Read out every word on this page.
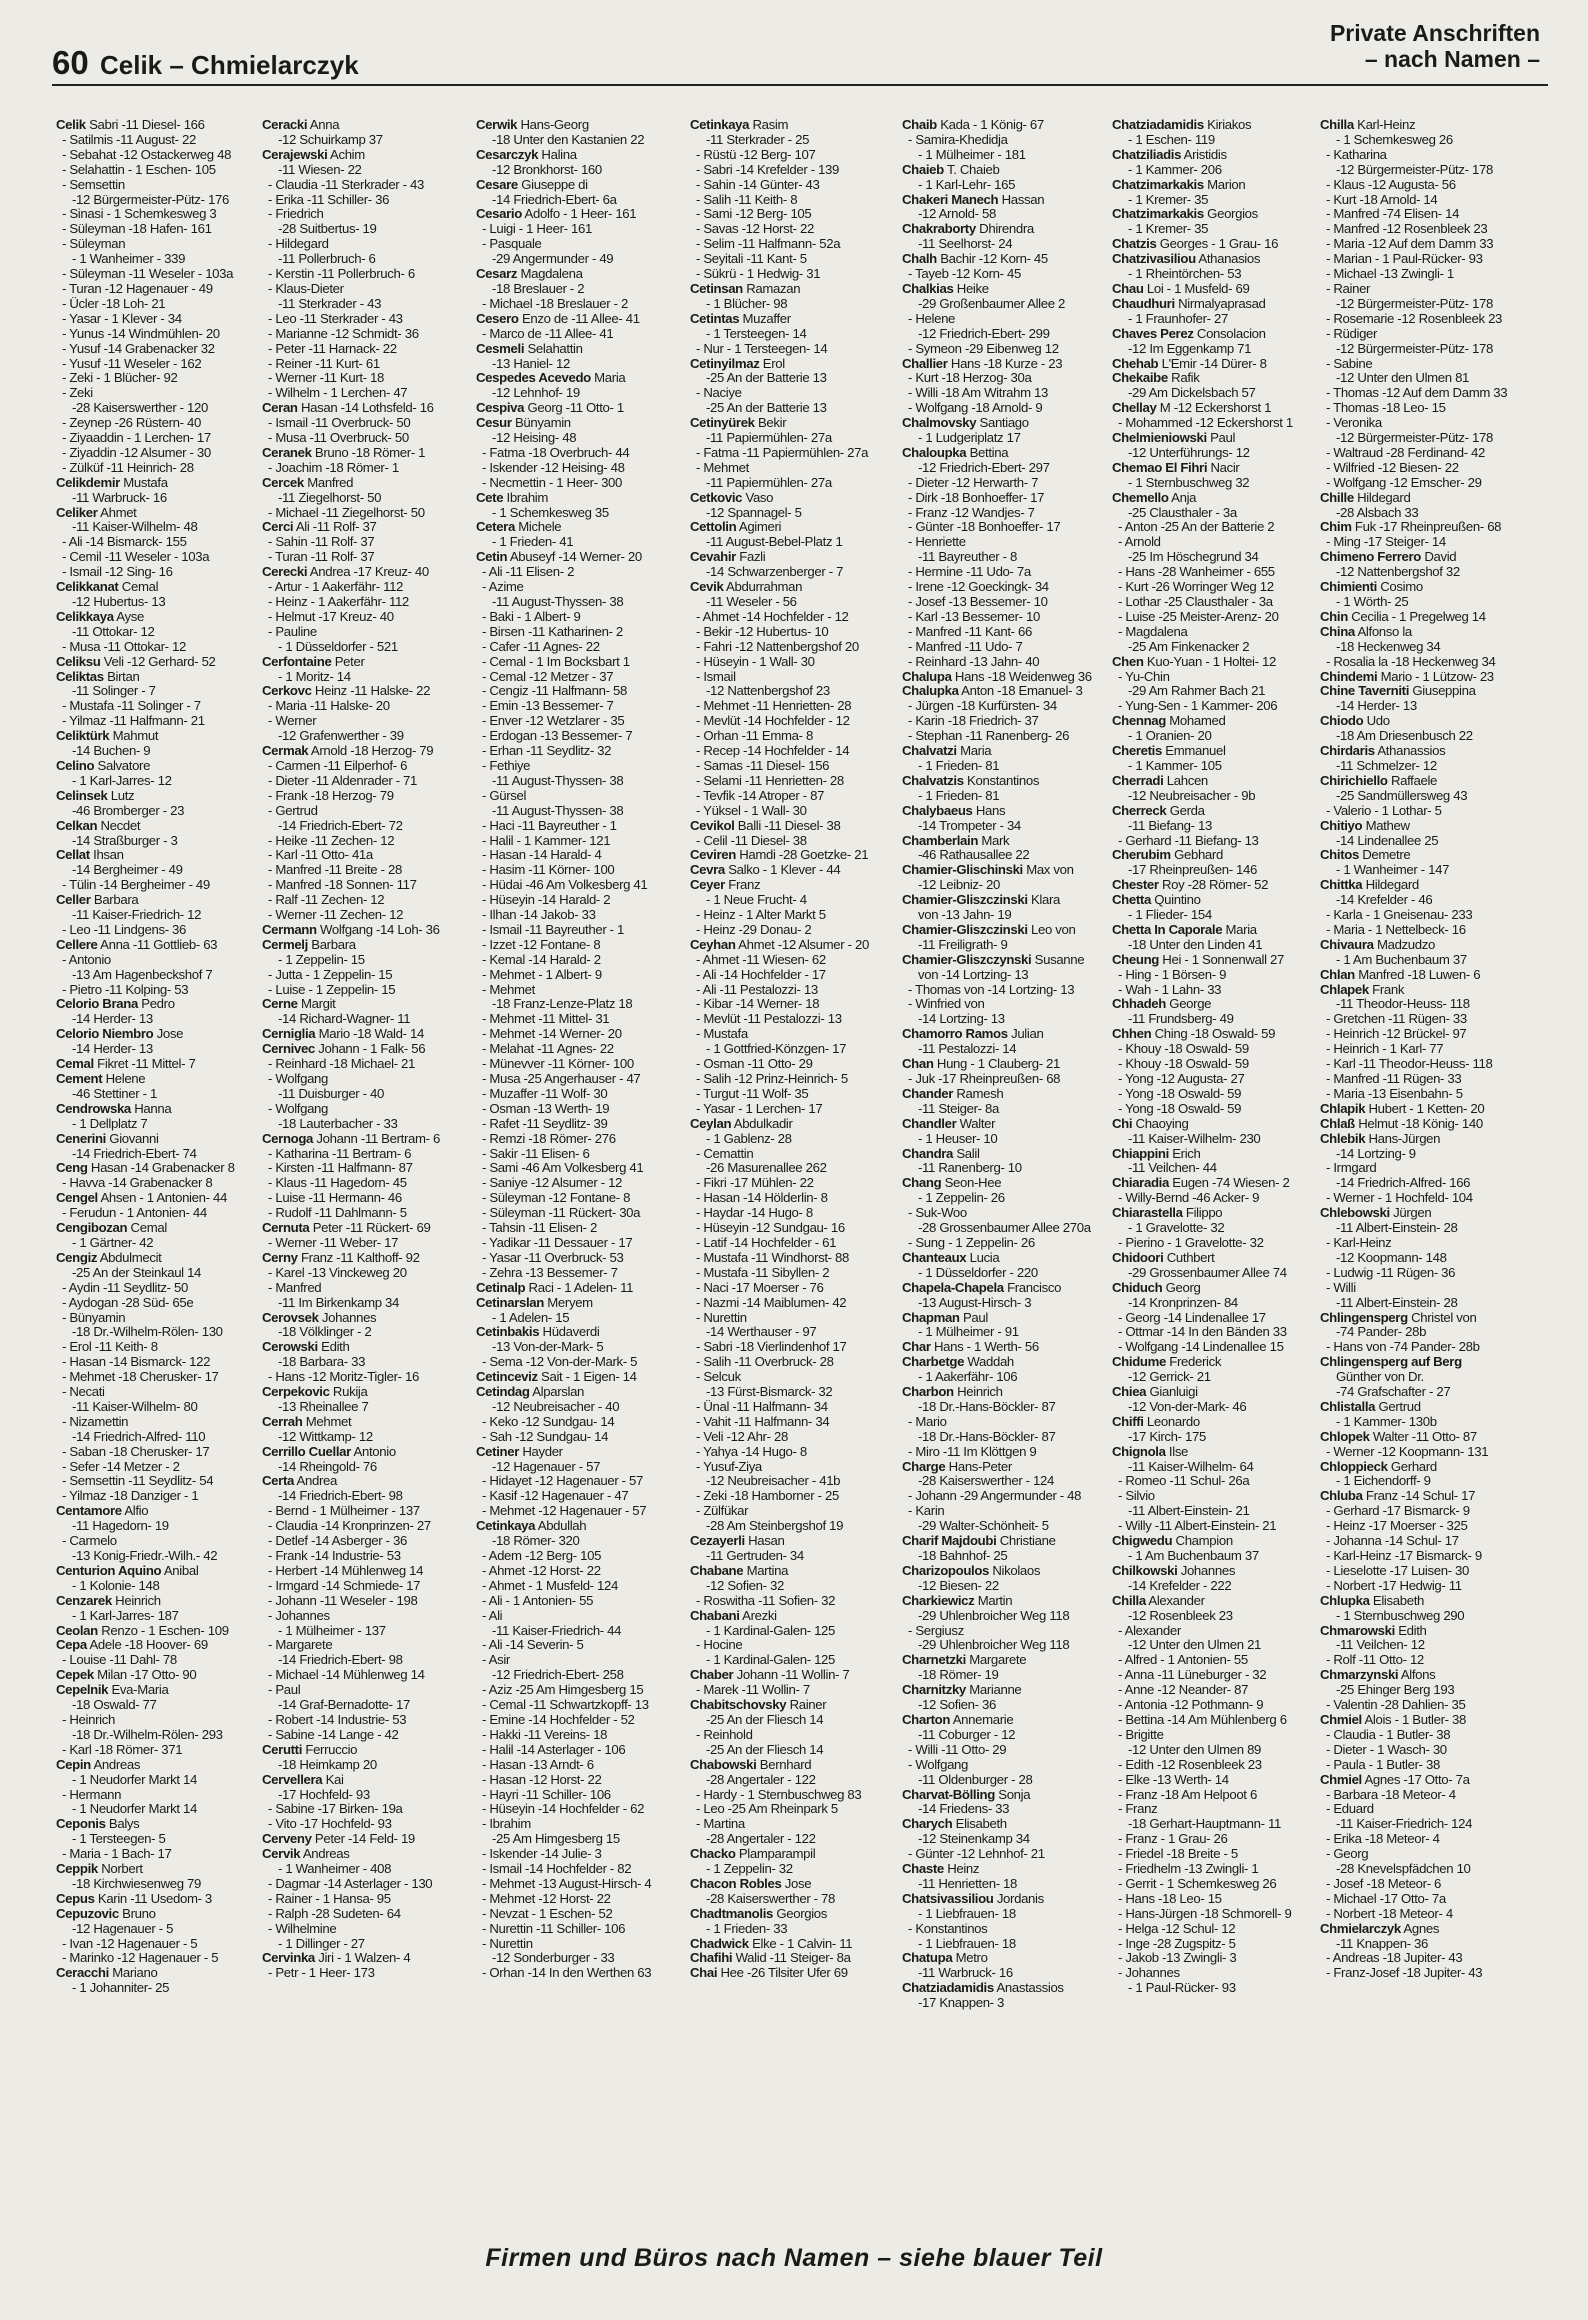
60 Celik – Chmielarczyk
Private Anschriften
– nach Namen –
Celik Sabri -11 Diesel- 166
- Satilmis -11 August- 22
- Sebahat -12 Ostackerweg 48
- Selahattin - 1 Eschen- 105
- Semsettin
-12 Bürgermeister-Pütz- 176
- Sinasi - 1 Schemkesweg 3
- Süleyman -18 Hafen- 161
- Süleyman
- 1 Wanheimer - 339
- Süleyman -11 Weseler - 103a
- Turan -12 Hagenauer - 49
- Ücler -18 Loh- 21
- Yasar - 1 Klever - 34
- Yunus -14 Windmühlen- 20
- Yusuf -14 Grabenacker 32
- Yusuf -11 Weseler - 162
- Zeki - 1 Blücher- 92
- Zeki
-28 Kaiserswerther - 120
- Zeynep -26 Rüstern- 40
- Ziyaaddin - 1 Lerchen- 17
- Ziyaddin -12 Alsumer - 30
- Zülküf -11 Heinrich- 28
Celikdemir Mustafa
-11 Warbruck- 16
Celiker Ahmet
-11 Kaiser-Wilhelm- 48
- Ali -14 Bismarck- 155
- Cemil -11 Weseler - 103a
- Ismail -12 Sing- 16
Celikkanat Cemal
-12 Hubertus- 13
Celikkaya Ayse
-11 Ottokar- 12
- Musa -11 Ottokar- 12
Celiksu Veli -12 Gerhard- 52
Celiktas Birtan
-11 Solinger - 7
- Mustafa -11 Solinger - 7
- Yilmaz -11 Halfmann- 21
Celiktürk Mahmut
-14 Buchen- 9
Celino Salvatore
- 1 Karl-Jarres- 12
Celinsek Lutz
-46 Bromberger - 23
Celkan Necdet
-14 Straßburger - 3
Cellat Ihsan
-14 Bergheimer - 49
- Tülin -14 Bergheimer - 49
Celler Barbara
-11 Kaiser-Friedrich- 12
- Leo -11 Lindgens- 36
Cellere Anna -11 Gottlieb- 63
- Antonio
-13 Am Hagenbeckshof 7
- Pietro -11 Kolping- 53
Celorio Brana Pedro
-14 Herder- 13
Celorio Niembro Jose
-14 Herder- 13
Cemal Fikret -11 Mittel- 7
Cement Helene
-46 Stettiner - 1
Cendrowska Hanna
- 1 Dellplatz 7
Cenerini Giovanni
-14 Friedrich-Ebert- 74
Ceng Hasan -14 Grabenacker 8
- Havva -14 Grabenacker 8
Cengel Ahsen - 1 Antonien- 44
- Ferudun - 1 Antonien- 44
Cengibozan Cemal
- 1 Gärtner- 42
Cengiz Abdulmecit
-25 An der Steinkaul 14
- Aydin -11 Seydlitz- 50
- Aydogan -28 Süd- 65e
- Bünyamin
-18 Dr.-Wilhelm-Rölen- 130
- Erol -11 Keith- 8
- Hasan -14 Bismarck- 122
- Mehmet -18 Cherusker- 17
- Necati
-11 Kaiser-Wilhelm- 80
- Nizamettin
-14 Friedrich-Alfred- 110
- Saban -18 Cherusker- 17
- Sefer -14 Metzer - 2
- Semsettin -11 Seydlitz- 54
- Yilmaz -18 Danziger - 1
Centamore Alfio
-11 Hagedorn- 19
- Carmelo
-13 Konig-Friedr.-Wilh.- 42
Centurion Aquino Anibal
- 1 Kolonie- 148
Cenzarek Heinrich
- 1 Karl-Jarres- 187
Ceolan Renzo - 1 Eschen- 109
Cepa Adele -18 Hoover- 69
- Louise -11 Dahl- 78
Cepek Milan -17 Otto- 90
Cepelnik Eva-Maria
-18 Oswald- 77
- Heinrich
-18 Dr.-Wilhelm-Rölen- 293
- Karl -18 Römer- 371
Cepin Andreas
- 1 Neudorfer Markt 14
- Hermann
- 1 Neudorfer Markt 14
Ceponis Balys
- 1 Tersteegen- 5
- Maria - 1 Bach- 17
Ceppik Norbert
-18 Kirchwiesenweg 79
Cepus Karin -11 Usedom- 3
Cepuzovic Bruno
-12 Hagenauer - 5
- Ivan -12 Hagenauer - 5
- Marinko -12 Hagenauer - 5
Ceracchi Mariano
- 1 Johanniter- 25
Ceracki Anna
-12 Schuirkamp 37
Cerajewski Achim
-11 Wiesen- 22
- Claudia -11 Sterkrader - 43
- Erika -11 Schiller- 36
- Friedrich
-28 Suitbertus- 19
- Hildegard
-11 Pollerbruch- 6
- Kerstin -11 Pollerbruch- 6
- Klaus-Dieter
-11 Sterkrader - 43
- Leo -11 Sterkrader - 43
- Marianne -12 Schmidt- 36
- Peter -11 Harnack- 22
- Reiner -11 Kurt- 61
- Werner -11 Kurt- 18
- Wilhelm - 1 Lerchen- 47
Ceran Hasan -14 Lothsfeld- 16
- Ismail -11 Overbruck- 50
- Musa -11 Overbruck- 50
Ceranek Bruno -18 Römer- 1
- Joachim -18 Römer- 1
Cercek Manfred
-11 Ziegelhorst- 50
- Michael -11 Ziegelhorst- 50
Cerci Ali -11 Rolf- 37
- Sahin -11 Rolf- 37
- Turan -11 Rolf- 37
Cerecki Andrea -17 Kreuz- 40
- Artur - 1 Aakerfähr- 112
- Heinz - 1 Aakerfähr- 112
- Helmut -17 Kreuz- 40
- Pauline
- 1 Düsseldorfer - 521
Cerfontaine Peter
- 1 Moritz- 14
Cerkovc Heinz -11 Halske- 22
- Maria -11 Halske- 20
- Werner
-12 Grafenwerther - 39
Cermak Arnold -18 Herzog- 79
- Carmen -11 Eilperhof- 6
- Dieter -11 Aldenrader - 71
- Frank -18 Herzog- 79
- Gertrud
-14 Friedrich-Ebert- 72
- Heike -11 Zechen- 12
- Karl -11 Otto- 41a
- Manfred -11 Breite - 28
- Manfred -18 Sonnen- 117
- Ralf -11 Zechen- 12
- Werner -11 Zechen- 12
Cermann Wolfgang -14 Loh- 36
Cermelj Barbara
- 1 Zeppelin- 15
- Jutta - 1 Zeppelin- 15
- Luise - 1 Zeppelin- 15
Cerne Margit
-14 Richard-Wagner- 11
Cerniglia Mario -18 Wald- 14
Cernivec Johann - 1 Falk- 56
- Reinhard -18 Michael- 21
- Wolfgang
-11 Duisburger - 40
- Wolfgang
-18 Lauterbacher - 33
Cernoga Johann -11 Bertram- 6
- Katharina -11 Bertram- 6
- Kirsten -11 Halfmann- 87
- Klaus -11 Hagedorn- 45
- Luise -11 Hermann- 46
- Rudolf -11 Dahlmann- 5
Cernuta Peter -11 Rückert- 69
- Werner -11 Weber- 17
Cerny Franz -11 Kalthoff- 92
- Karel -13 Vinckeweg 20
- Manfred
-11 Im Birkenkamp 34
Cerovsek Johannes
-18 Völklinger - 2
Cerowski Edith
-18 Barbara- 33
- Hans -12 Moritz-Tigler- 16
Cerpekovic Rukija
-13 Rheinallee 7
Cerrah Mehmet
-12 Wittkamp- 12
Cerrillo Cuellar Antonio
-14 Rheingold- 76
Certa Andrea
-14 Friedrich-Ebert- 98
- Bernd - 1 Mülheimer - 137
- Claudia -14 Kronprinzen- 27
- Detlef -14 Asberger - 36
- Frank -14 Industrie- 53
- Herbert -14 Mühlenweg 14
- Irmgard -14 Schmiede- 17
- Johann -11 Weseler - 198
- Johannes
- 1 Mülheimer - 137
- Margarete
-14 Friedrich-Ebert- 98
- Michael -14 Mühlenweg 14
- Paul
-14 Graf-Bernadotte- 17
- Robert -14 Industrie- 53
- Sabine -14 Lange - 42
Cerutti Ferruccio
-18 Heimkamp 20
Cervellera Kai
-17 Hochfeld- 93
- Sabine -17 Birken- 19a
- Vito -17 Hochfeld- 93
Cerveny Peter -14 Feld- 19
Cervik Andreas
- 1 Wanheimer - 408
- Dagmar -14 Asterlager - 130
- Rainer - 1 Hansa- 95
- Ralph -28 Sudeten- 64
- Wilhelmine
- 1 Dillinger - 27
Cervinka Jiri - 1 Walzen- 4
- Petr - 1 Heer- 173
Cerwik Hans-Georg
-18 Unter den Kastanien 22
Cesarczyk Halina
-12 Bronkhorst- 160
Cesare Giuseppe di
-14 Friedrich-Ebert- 6a
Cesario Adolfo - 1 Heer- 161
- Luigi - 1 Heer- 161
- Pasquale
-29 Angermunder - 49
Cesarz Magdalena
-18 Breslauer - 2
- Michael -18 Breslauer - 2
Cesero Enzo de -11 Allee- 41
- Marco de -11 Allee- 41
Cesmeli Selahattin
-13 Haniel- 12
Cespedes Acevedo Maria
-12 Lehnhof- 19
Cespiva Georg -11 Otto- 1
Cesur Bünyamin
-12 Heising- 48
- Fatma -18 Overbruch- 44
- Iskender -12 Heising- 48
- Necmettin - 1 Heer- 300
Cete Ibrahim
- 1 Schemkesweg 35
Cetera Michele
- 1 Frieden- 41
Cetin Abuseyf -14 Werner- 20
- Ali -11 Elisen- 2
- Azime
-11 August-Thyssen- 38
- Baki - 1 Albert- 9
- Birsen -11 Katharinen- 2
- Cafer -11 Agnes- 22
- Cemal - 1 Im Bocksbart 1
- Cemal -12 Metzer - 37
- Cengiz -11 Halfmann- 58
- Emin -13 Bessemer- 7
- Enver -12 Wetzlarer - 35
- Erdogan -13 Bessemer- 7
- Erhan -11 Seydlitz- 32
- Fethiye
-11 August-Thyssen- 38
- Gürsel
-11 August-Thyssen- 38
- Haci -11 Bayreuther - 1
- Halil - 1 Kammer- 121
- Hasan -14 Harald- 4
- Hasim -11 Körner- 100
- Hüdai -46 Am Volkesberg 41
- Hüseyin -14 Harald- 2
- Ilhan -14 Jakob- 33
- Ismail -11 Bayreuther - 1
- Izzet -12 Fontane- 8
- Kemal -14 Harald- 2
- Mehmet - 1 Albert- 9
- Mehmet
-18 Franz-Lenze-Platz 18
- Mehmet -11 Mittel- 31
- Mehmet -14 Werner- 20
- Melahat -11 Agnes- 22
- Münevver -11 Körner- 100
- Musa -25 Angerhauser - 47
- Muzaffer -11 Wolf- 30
- Osman -13 Werth- 19
- Rafet -11 Seydlitz- 39
- Remzi -18 Römer- 276
- Sakir -11 Elisen- 6
- Sami -46 Am Volkesberg 41
- Saniye -12 Alsumer - 12
- Süleyman -12 Fontane- 8
- Süleyman -11 Rückert- 30a
- Tahsin -11 Elisen- 2
- Yadikar -11 Dessauer - 17
- Yasar -11 Overbruck- 53
- Zehra -13 Bessemer- 7
Cetinalp Raci - 1 Adelen- 11
Cetinarslan Meryem
- 1 Adelen- 15
Cetinbakis Hüdaverdi
-13 Von-der-Mark- 5
- Sema -12 Von-der-Mark- 5
Cetinceviz Sait - 1 Eigen- 14
Cetindag Alparslan
-12 Neubreisacher - 40
- Keko -12 Sundgau- 14
- Sah -12 Sundgau- 14
Cetiner Hayder
-12 Hagenauer - 57
- Hidayet -12 Hagenauer - 57
- Kasif -12 Hagenauer - 47
- Mehmet -12 Hagenauer - 57
Cetinkaya Abdullah
-18 Römer- 320
- Adem -12 Berg- 105
- Ahmet -12 Horst- 22
- Ahmet - 1 Musfeld- 124
- Ali - 1 Antonien- 55
- Ali
-11 Kaiser-Friedrich- 44
- Ali -14 Severin- 5
- Asir
-12 Friedrich-Ebert- 258
- Aziz -25 Am Himgesberg 15
- Cemal -11 Schwartzkopff- 13
- Emine -14 Hochfelder - 52
- Hakki -11 Vereins- 18
- Halil -14 Asterlager - 106
- Hasan -13 Arndt- 6
- Hasan -12 Horst- 22
- Hayri -11 Schiller- 106
- Hüseyin -14 Hochfelder - 62
- Ibrahim
-25 Am Himgesberg 15
- Iskender -14 Julie- 3
- Ismail -14 Hochfelder - 82
- Mehmet -13 August-Hirsch- 4
- Mehmet -12 Horst- 22
- Nevzat - 1 Eschen- 52
- Nurettin -11 Schiller- 106
- Nurettin
-12 Sonderburger - 33
- Orhan -14 In den Werthen 63
Cetinkaya Rasim
-11 Sterkrader - 25
- Rüstü -12 Berg- 107
- Sabri -14 Krefelder - 139
- Sahin -14 Günter- 43
- Salih -11 Keith- 8
- Sami -12 Berg- 105
- Savas -12 Horst- 22
- Selim -11 Halfmann- 52a
- Seyitali -11 Kant- 5
- Sükrü - 1 Hedwig- 31
Cetinsan Ramazan
- 1 Blücher- 98
Cetintas Muzaffer
- 1 Tersteegen- 14
- Nur - 1 Tersteegen- 14
Cetinyilmaz Erol
-25 An der Batterie 13
- Naciye
-25 An der Batterie 13
Cetinyürek Bekir
-11 Papiermühlen- 27a
- Fatma -11 Papiermühlen- 27a
- Mehmet
-11 Papiermühlen- 27a
Cetkovic Vaso
-12 Spannagel- 5
Cettolin Agimeri
-11 August-Bebel-Platz 1
Cevahir Fazli
-14 Schwarzenberger - 7
Cevik Abdurrahman
-11 Weseler - 56
- Ahmet -14 Hochfelder - 12
- Bekir -12 Hubertus- 10
- Fahri -12 Nattenbergshof 20
- Hüseyin - 1 Wall- 30
- Ismail
-12 Nattenbergshof 23
- Mehmet -11 Henrietten- 28
- Mevlüt -14 Hochfelder - 12
- Orhan -11 Emma- 8
- Recep -14 Hochfelder - 14
- Samas -11 Diesel- 156
- Selami -11 Henrietten- 28
- Tevfik -14 Atroper - 87
- Yüksel - 1 Wall- 30
Cevikol Balli -11 Diesel- 38
- Celil -11 Diesel- 38
Ceviren Hamdi -28 Goetzke- 21
Cevra Salko - 1 Klever - 44
Ceyer Franz
- 1 Neue Frucht- 4
- Heinz - 1 Alter Markt 5
- Heinz -29 Donau- 2
Ceyhan Ahmet -12 Alsumer - 20
- Ahmet -11 Wiesen- 62
- Ali -14 Hochfelder - 17
- Ali -11 Pestalozzi- 13
- Kibar -14 Werner- 18
- Mevlüt -11 Pestalozzi- 13
- Mustafa
- 1 Gottfried-Könzgen- 17
- Osman -11 Otto- 29
- Salih -12 Prinz-Heinrich- 5
- Turgut -11 Wolf- 35
- Yasar - 1 Lerchen- 17
Ceylan Abdulkadir
- 1 Gablenz- 28
- Cemattin
-26 Masurenallee 262
- Fikri -17 Mühlen- 22
- Hasan -14 Hölderlin- 8
- Haydar -14 Hugo- 8
- Hüseyin -12 Sundgau- 16
- Latif -14 Hochfelder - 61
- Mustafa -11 Windhorst- 88
- Mustafa -11 Sibyllen- 2
- Naci -17 Moerser - 76
- Nazmi -14 Maiblumen- 42
- Nurettin
-14 Werthauser - 97
- Sabri -18 Vierlindenhof 17
- Salih -11 Overbruck- 28
- Selcuk
-13 Fürst-Bismarck- 32
- Ünal -11 Halfmann- 34
- Vahit -11 Halfmann- 34
- Veli -12 Ahr- 28
- Yahya -14 Hugo- 8
- Yusuf-Ziya
-12 Neubreisacher - 41b
- Zeki -18 Hamborner - 25
- Zülfükar
-28 Am Steinbergshof 19
Cezayerli Hasan
-11 Gertruden- 34
Chabane Martina
-12 Sofien- 32
- Roswitha -11 Sofien- 32
Chabani Arezki
- 1 Kardinal-Galen- 125
- Hocine
- 1 Kardinal-Galen- 125
Chaber Johann -11 Wollin- 7
- Marek -11 Wollin- 7
Chabitschovsky Rainer
-25 An der Fliesch 14
- Reinhold
-25 An der Fliesch 14
Chabowski Bernhard
-28 Angertaler - 122
- Hardy - 1 Sternbuschweg 83
- Leo -25 Am Rheinpark 5
- Martina
-28 Angertaler - 122
Chacko Plamparampil
- 1 Zeppelin- 32
Chacon Robles Jose
-28 Kaiserswerther - 78
Chadtmanolis Georgios
- 1 Frieden- 33
Chadwick Elke - 1 Calvin- 11
Chafihi Walid -11 Steiger- 8a
Chai Hee -26 Tilsiter Ufer 69
Chaib Kada - 1 König- 67
- Samira-Khedidja
- 1 Mülheimer - 181
Chaieb T. Chaieb
- 1 Karl-Lehr- 165
Chakeri Manech Hassan
-12 Arnold- 58
Chakraborty Dhirendra
-11 Seelhorst- 24
Chalh Bachir -12 Korn- 45
- Tayeb -12 Korn- 45
Chalkias Heike
-29 Großenbaumer Allee 2
- Helene
-12 Friedrich-Ebert- 299
- Symeon -29 Eibenweg 12
Challier Hans -18 Kurze - 23
- Kurt -18 Herzog- 30a
- Willi -18 Am Witrahm 13
- Wolfgang -18 Arnold- 9
Chalmovsky Santiago
- 1 Ludgeriplatz 17
Chaloupka Bettina
-12 Friedrich-Ebert- 297
- Dieter -12 Herwarth- 7
- Dirk -18 Bonhoeffer- 17
- Franz -12 Wandjes- 7
- Günter -18 Bonhoeffer- 17
- Henriette
-11 Bayreuther - 8
- Hermine -11 Udo- 7a
- Irene -12 Goeckingk- 34
- Josef -13 Bessemer- 10
- Karl -13 Bessemer- 10
- Manfred -11 Kant- 66
- Manfred -11 Udo- 7
- Reinhard -13 Jahn- 40
Chalupa Hans -18 Weidenweg 36
Chalupka Anton -18 Emanuel- 3
- Jürgen -18 Kurfürsten- 34
- Karin -18 Friedrich- 37
- Stephan -11 Ranenberg- 26
Chalvatzi Maria
- 1 Frieden- 81
Chalvatzis Konstantinos
- 1 Frieden- 81
Chalybaeus Hans
-14 Trompeter - 34
Chamberlain Mark
-46 Rathausallee 22
Chamier-Glischinski Max von
-12 Leibniz- 20
Chamier-Gliszczinski Klara
von -13 Jahn- 19
Chamier-Gliszczinski Leo von
-11 Freiligrath- 9
Chamier-Gliszczynski Susanne
von -14 Lortzing- 13
- Thomas von -14 Lortzing- 13
- Winfried von
-14 Lortzing- 13
Chamorro Ramos Julian
-11 Pestalozzi- 14
Chan Hung - 1 Clauberg- 21
- Juk -17 Rheinpreußen- 68
Chander Ramesh
-11 Steiger- 8a
Chandler Walter
- 1 Heuser- 10
Chandra Salil
-11 Ranenberg- 10
Chang Seon-Hee
- 1 Zeppelin- 26
- Suk-Woo
-28 Grossenbaumer Allee 270a
- Sung - 1 Zeppelin- 26
Chanteaux Lucia
- 1 Düsseldorfer - 220
Chapela-Chapela Francisco
-13 August-Hirsch- 3
Chapman Paul
- 1 Mülheimer - 91
Char Hans - 1 Werth- 56
Charbetge Waddah
- 1 Aakerfähr- 106
Charbon Heinrich
-18 Dr.-Hans-Böckler- 87
- Mario
-18 Dr.-Hans-Böckler- 87
- Miro -11 Im Klöttgen 9
Charge Hans-Peter
-28 Kaiserswerther - 124
- Johann -29 Angermunder - 48
- Karin
-29 Walter-Schönheit- 5
Charif Majdoubi Christiane
-18 Bahnhof- 25
Charizopoulos Nikolaos
-12 Biesen- 22
Charkiewicz Martin
-29 Uhlenbroicher Weg 118
- Sergiusz
-29 Uhlenbroicher Weg 118
Charnetzki Margarete
-18 Römer- 19
Charnitzky Marianne
-12 Sofien- 36
Charton Annemarie
-11 Coburger - 12
- Willi -11 Otto- 29
- Wolfgang
-11 Oldenburger - 28
Charvat-Bölling Sonja
-14 Friedens- 33
Charych Elisabeth
-12 Steinenkamp 34
- Günter -12 Lehnhof- 21
Chaste Heinz
-11 Henrietten- 18
Chatsivassiliou Jordanis
- 1 Liebfrauen- 18
- Konstantinos
- 1 Liebfrauen- 18
Chatupa Metro
-11 Warbruck- 16
Chatziadamidis Anastassios
-17 Knappen- 3
Chatziadamidis Kiriakos
- 1 Eschen- 119
Chatziliadis Aristidis
- 1 Kammer- 206
Chatzimarkakis Marion
- 1 Kremer- 35
Chatzimarkakis Georgios
- 1 Kremer- 35
Chatzis Georges - 1 Grau- 16
Chatzivasiliou Athanasios
- 1 Rheintörchen- 53
Chau Loi - 1 Musfeld- 69
Chaudhuri Nirmalyaprasad
- 1 Fraunhofer- 27
Chaves Perez Consolacion
-12 Im Eggenkamp 71
Chehab L'Emir -14 Dürer- 8
Chekaibe Rafik
-29 Am Dickelsbach 57
Chellay M -12 Eckershorst 1
- Mohammed -12 Eckershorst 1
Chelmieniowski Paul
-12 Unterführungs- 12
Chemao El Fihri Nacir
- 1 Sternbuschweg 32
Chemello Anja
-25 Clausthaler - 3a
- Anton -25 An der Batterie 2
- Arnold
-25 Im Höschegrund 34
- Hans -28 Wanheimer - 655
- Kurt -26 Worringer Weg 12
- Lothar -25 Clausthaler - 3a
- Luise -25 Meister-Arenz- 20
- Magdalena
-25 Am Finkenacker 2
Chen Kuo-Yuan - 1 Holtei- 12
- Yu-Chin
-29 Am Rahmer Bach 21
- Yung-Sen - 1 Kammer- 206
Chennag Mohamed
- 1 Oranien- 20
Cheretis Emmanuel
- 1 Kammer- 105
Cherradi Lahcen
-12 Neubreisacher - 9b
Cherreck Gerda
-11 Biefang- 13
- Gerhard -11 Biefang- 13
Cherubim Gebhard
-17 Rheinpreußen- 146
Chester Roy -28 Römer- 52
Chetta Quintino
- 1 Flieder- 154
Chetta In Caporale Maria
-18 Unter den Linden 41
Cheung Hei - 1 Sonnenwall 27
- Hing - 1 Börsen- 9
- Wah - 1 Lahn- 33
Chhadeh George
-11 Frundsberg- 49
Chhen Ching -18 Oswald- 59
- Khouy -18 Oswald- 59
- Khouy -18 Oswald- 59
- Yong -12 Augusta- 27
- Yong -18 Oswald- 59
- Yong -18 Oswald- 59
Chi Chaoying
-11 Kaiser-Wilhelm- 230
Chiappini Erich
-11 Veilchen- 44
Chiaradia Eugen -74 Wiesen- 2
- Willy-Bernd -46 Acker- 9
Chiarastella Filippo
- 1 Gravelotte- 32
- Pierino - 1 Gravelotte- 32
Chidoori Cuthbert
-29 Grossenbaumer Allee 74
Chiduch Georg
-14 Kronprinzen- 84
- Georg -14 Lindenallee 17
- Ottmar -14 In den Bänden 33
- Wolfgang -14 Lindenallee 15
Chidume Frederick
-12 Gerrick- 21
Chiea Gianluigi
-12 Von-der-Mark- 46
Chiffi Leonardo
-17 Kirch- 175
Chignola Ilse
-11 Kaiser-Wilhelm- 64
- Romeo -11 Schul- 26a
- Silvio
-11 Albert-Einstein- 21
- Willy -11 Albert-Einstein- 21
Chigwedu Champion
- 1 Am Buchenbaum 37
Chilkowski Johannes
-14 Krefelder - 222
Chilla Alexander
-12 Rosenbleek 23
- Alexander
-12 Unter den Ulmen 21
- Alfred - 1 Antonien- 55
- Anna -11 Lüneburger - 32
- Anne -12 Neander- 87
- Antonia -12 Pothmann- 9
- Bettina -14 Am Mühlenberg 6
- Brigitte
-12 Unter den Ulmen 89
- Edith -12 Rosenbleek 23
- Elke -13 Werth- 14
- Franz -18 Am Helpoot 6
- Franz
-18 Gerhart-Hauptmann- 11
- Franz - 1 Grau- 26
- Friedel -18 Breite - 5
- Friedhelm -13 Zwingli- 1
- Gerrit - 1 Schemkesweg 26
- Hans -18 Leo- 15
- Hans-Jürgen -18 Schmorell- 9
- Helga -12 Schul- 12
- Inge -28 Zugspitz- 5
- Jakob -13 Zwingli- 3
- Johannes
- 1 Paul-Rücker- 93
Chilla Karl-Heinz
- 1 Schemkesweg 26
- Katharina
-12 Bürgermeister-Pütz- 178
- Klaus -12 Augusta- 56
- Kurt -18 Arnold- 14
- Manfred -74 Elisen- 14
- Manfred -12 Rosenbleek 23
- Maria -12 Auf dem Damm 33
- Marian - 1 Paul-Rücker- 93
- Michael -13 Zwingli- 1
- Rainer
-12 Bürgermeister-Pütz- 178
- Rosemarie -12 Rosenbleek 23
- Rüdiger
-12 Bürgermeister-Pütz- 178
- Sabine
-12 Unter den Ulmen 81
- Thomas -12 Auf dem Damm 33
- Thomas -18 Leo- 15
- Veronika
-12 Bürgermeister-Pütz- 178
- Waltraud -28 Ferdinand- 42
- Wilfried -12 Biesen- 22
- Wolfgang -12 Emscher- 29
Chille Hildegard
-28 Alsbach 33
Chim Fuk -17 Rheinpreußen- 68
- Ming -17 Steiger- 14
Chimeno Ferrero David
-12 Nattenbergshof 32
Chimienti Cosimo
- 1 Wörth- 25
Chin Cecilia - 1 Pregelweg 14
China Alfonso la
-18 Heckenweg 34
- Rosalia la -18 Heckenweg 34
Chindemi Mario - 1 Lützow- 23
Chine Taverniti Giuseppina
-14 Herder- 13
Chiodo Udo
-18 Am Driesenbusch 22
Chirdaris Athanassios
-11 Schmelzer- 12
Chirichiello Raffaele
-25 Sandmüllersweg 43
- Valerio - 1 Lothar- 5
Chitiyo Mathew
-14 Lindenallee 25
Chitos Demetre
- 1 Wanheimer - 147
Chittka Hildegard
-14 Krefelder - 46
- Karla - 1 Gneisenau- 233
- Maria - 1 Nettelbeck- 16
Chivaura Madzudzo
- 1 Am Buchenbaum 37
Chlan Manfred -18 Luwen- 6
Chlapek Frank
-11 Theodor-Heuss- 118
- Gretchen -11 Rügen- 33
- Heinrich -12 Brückel- 97
- Heinrich - 1 Karl- 77
- Karl -11 Theodor-Heuss- 118
- Manfred -11 Rügen- 33
- Maria -13 Eisenbahn- 5
Chlapik Hubert - 1 Ketten- 20
Chlaß Helmut -18 König- 140
Chlebik Hans-Jürgen
-14 Lortzing- 9
- Irmgard
-14 Friedrich-Alfred- 166
- Werner - 1 Hochfeld- 104
Chlebowski Jürgen
-11 Albert-Einstein- 28
- Karl-Heinz
-12 Koopmann- 148
- Ludwig -11 Rügen- 36
- Willi
-11 Albert-Einstein- 28
Chlingensperg Christel von
-74 Pander- 28b
- Hans von -74 Pander- 28b
Chlingensperg auf Berg
Günther von Dr.
-74 Grafschafter - 27
Chlistalla Gertrud
- 1 Kammer- 130b
Chlopek Walter -11 Otto- 87
- Werner -12 Koopmann- 131
Chloppieck Gerhard
- 1 Eichendorff- 9
Chluba Franz -14 Schul- 17
- Gerhard -17 Bismarck- 9
- Heinz -17 Moerser - 325
- Johanna -14 Schul- 17
- Karl-Heinz -17 Bismarck- 9
- Lieselotte -17 Luisen- 30
- Norbert -17 Hedwig- 11
Chlupka Elisabeth
- 1 Sternbuschweg 290
Chmarowski Edith
-11 Veilchen- 12
- Rolf -11 Otto- 12
Chmarzynski Alfons
-25 Ehinger Berg 193
- Valentin -28 Dahlien- 35
Chmiel Alois - 1 Butler- 38
- Claudia - 1 Butler- 38
- Dieter - 1 Wasch- 30
- Paula - 1 Butler- 38
Chmiel Agnes -17 Otto- 7a
- Barbara -18 Meteor- 4
- Eduard
-11 Kaiser-Friedrich- 124
- Erika -18 Meteor- 4
- Georg
-28 Knevelspfädchen 10
- Josef -18 Meteor- 6
- Michael -17 Otto- 7a
- Norbert -18 Meteor- 4
Chmielarczyk Agnes
-11 Knappen- 36
- Andreas -18 Jupiter- 43
- Franz-Josef -18 Jupiter- 43
Firmen und Büros nach Namen – siehe blauer Teil
